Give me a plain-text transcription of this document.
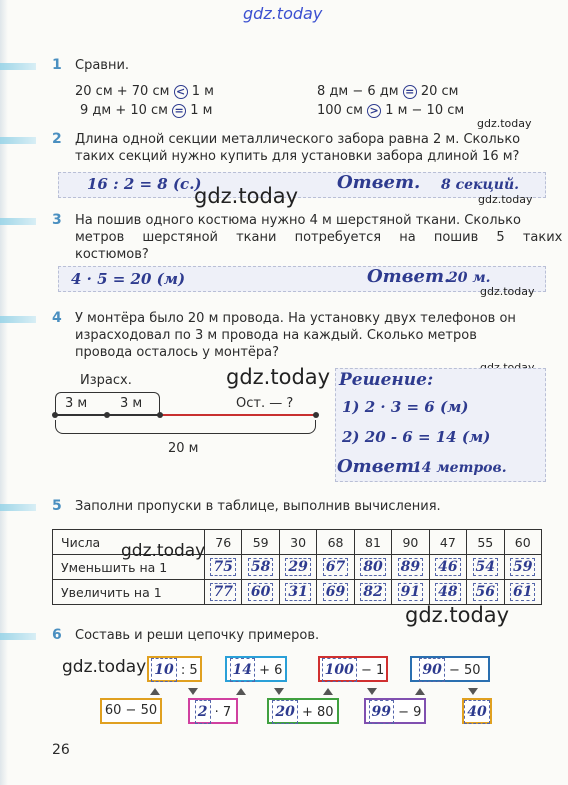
gdz.today
1 Сравни.
20 см + 70 см < 1 м
9 дм + 10 см = 1 м
8 дм − 6 дм = 20 см
100 см > 1 м − 10 см
gdz.today
2 Длина одной секции металлического забора равна 2 м. Сколько
таких секций нужно купить для установки забора длиной 16 м?
16 : 2 = 8 (с.)	Ответ. 8 секций.
gdz.today	gdz.today
3 На пошив одного костюма нужно 4 м шерстяной ткани. Сколько
метров шерстяной ткани потребуется на пошив 5 таких
костюмов?
4 · 5 = 20 (м)	Ответ.
20 м.
gdz.today
4 У монтёра было 20 м провода. На установку двух телефонов он
израсходовал по 3 м провода на каждый. Сколько метров
провода осталось у монтёра?
Израсх.
3 м	3 м	Ост. — ?
20 м
gdz.today Решение:
1) 2 · 3 = 6 (м)
2) 20 - 6 = 14 (м)
Ответ.
14 метров.
5 Заполни пропуски в таблице, выполнив вычисления.
Числа	76	59	30	68	81	90	47	55	60
Уменьшить на 1	75	58	29	67	80	89	46	54	59
Увеличить на 1	77	60	31	69	82	91	48	56	61
gdz.today
gdz.today
6 Составь и реши цепочку примеров.
gdz.today 10 : 5	14 + 6	100 − 1	90 − 50
60 − 50	2 · 7	20 + 80	99 − 9	40
26
